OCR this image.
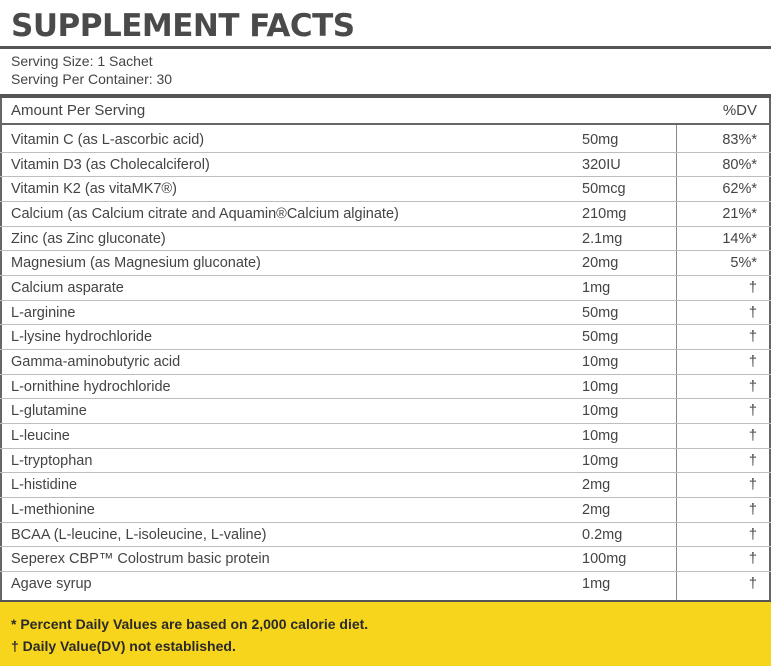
SUPPLEMENT FACTS
Serving Size: 1 Sachet
Serving Per Container: 30
Amount Per Serving	%DV
Vitamin C (as L-ascorbic acid)	50mg	83%*
Vitamin D3 (as Cholecalciferol)	320IU	80%*
Vitamin K2 (as vitaMK7®)	50mcg	62%*
Calcium (as Calcium citrate and Aquamin®Calcium alginate)	210mg	21%*
Zinc (as Zinc gluconate)	2.1mg	14%*
Magnesium (as Magnesium gluconate)	20mg	5%*
Calcium asparate	1mg	†
L-arginine	50mg	†
L-lysine hydrochloride	50mg	†
Gamma-aminobutyric acid	10mg	†
L-ornithine hydrochloride	10mg	†
L-glutamine	10mg	†
L-leucine	10mg	†
L-tryptophan	10mg	†
L-histidine	2mg	†
L-methionine	2mg	†
BCAA (L-leucine, L-isoleucine, L-valine)	0.2mg	†
Seperex CBP™ Colostrum basic protein	100mg	†
Agave syrup	1mg	†
* Percent Daily Values are based on 2,000 calorie diet.
† Daily Value(DV) not established.
